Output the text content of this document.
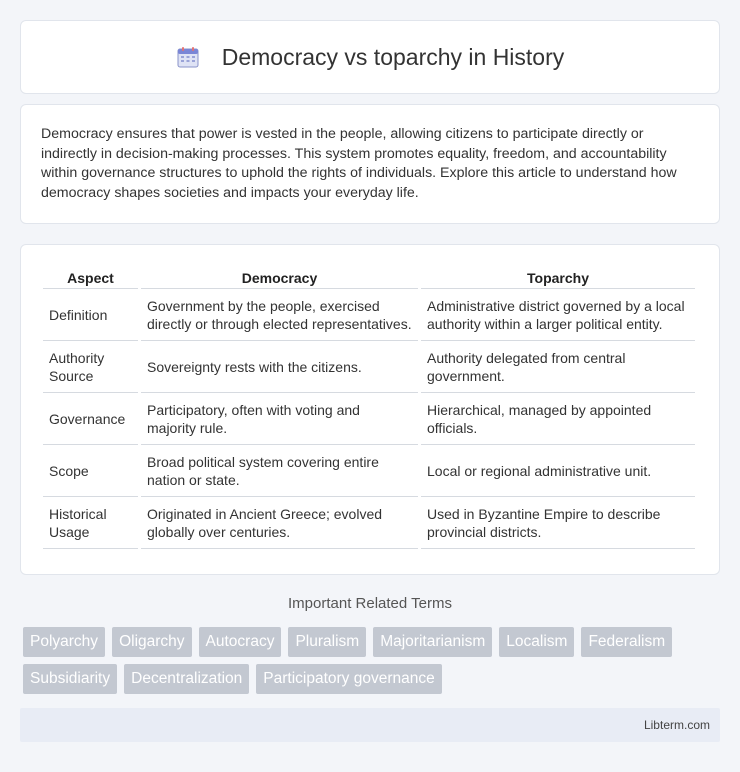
Democracy vs toparchy in History

Democracy ensures that power is vested in the people, allowing citizens to participate directly or indirectly in decision-making processes. This system promotes equality, freedom, and accountability within governance structures to uphold the rights of individuals. Explore this article to understand how democracy shapes societies and impacts your everyday life.

Aspect	Democracy	Toparchy
Definition	Government by the people, exercised directly or through elected representatives.	Administrative district governed by a local authority within a larger political entity.
Authority Source	Sovereignty rests with the citizens.	Authority delegated from central government.
Governance	Participatory, often with voting and majority rule.	Hierarchical, managed by appointed officials.
Scope	Broad political system covering entire nation or state.	Local or regional administrative unit.
Historical Usage	Originated in Ancient Greece; evolved globally over centuries.	Used in Byzantine Empire to describe provincial districts.
Important Related Terms
Polyarchy	Oligarchy	Autocracy	Pluralism	Majoritarianism	Localism	Federalism
Subsidiarity	Decentralization	Participatory governance
Libterm.com
